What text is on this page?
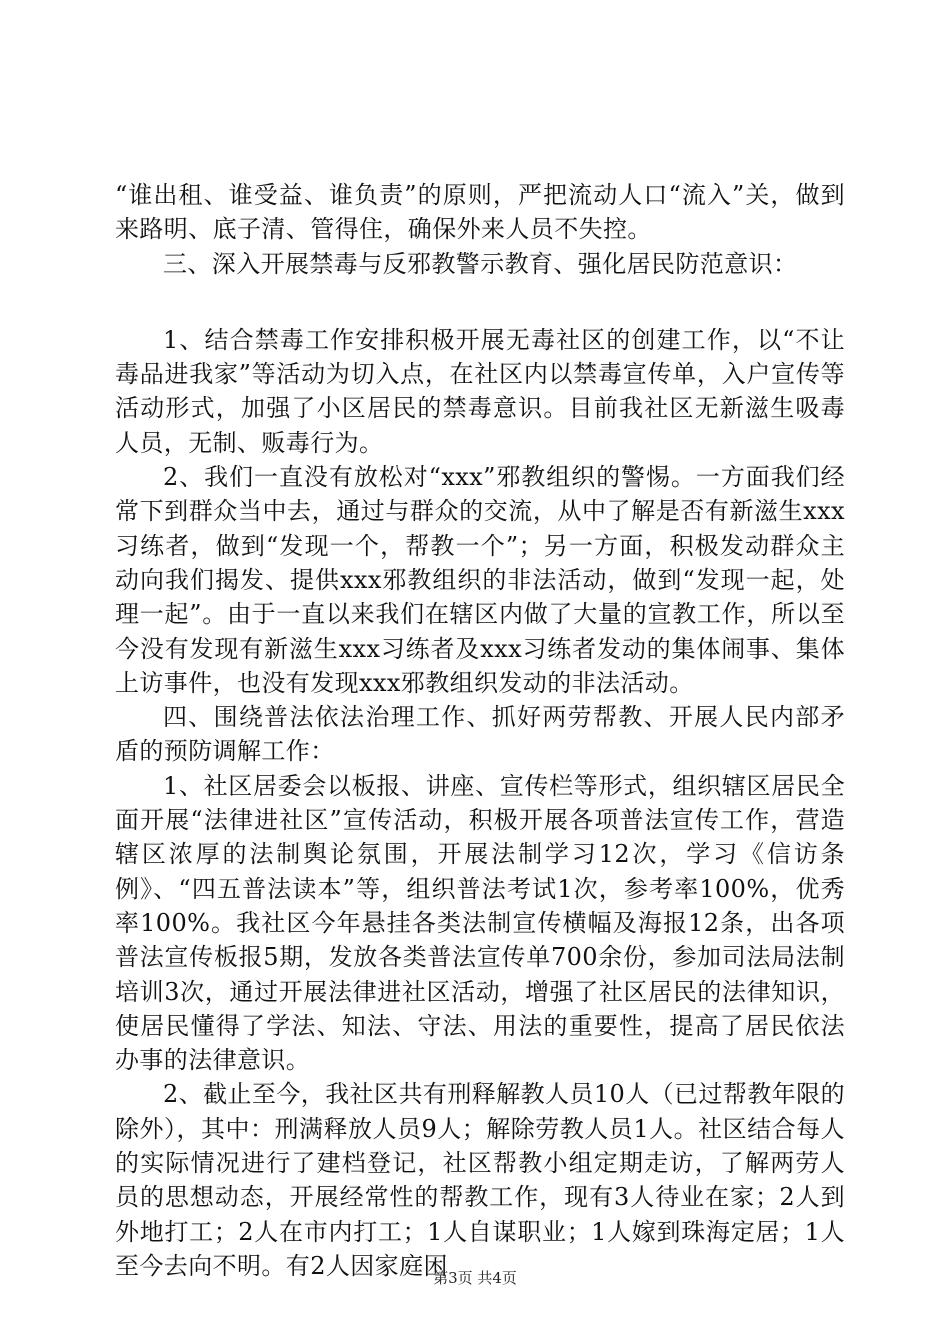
“谁出租、谁受益、谁负责”的原则，严把流动人口“流入”关，做到来路明、底子清、管得住，确保外来人员不失控。

三、深入开展禁毒与反邪教警示教育、强化居民防范意识：

1、结合禁毒工作安排积极开展无毒社区的创建工作，以“不让毒品进我家”等活动为切入点，在社区内以禁毒宣传单，入户宣传等活动形式，加强了小区居民的禁毒意识。目前我社区无新滋生吸毒人员，无制、贩毒行为。

2、我们一直没有放松对“xxx”邪教组织的警惕。一方面我们经常下到群众当中去，通过与群众的交流，从中了解是否有新滋生xxx习练者，做到“发现一个，帮教一个”；另一方面，积极发动群众主动向我们揭发、提供xxx邪教组织的非法活动，做到“发现一起，处理一起”。由于一直以来我们在辖区内做了大量的宣教工作，所以至今没有发现有新滋生xxx习练者及xxx习练者发动的集体闹事、集体上访事件，也没有发现xxx邪教组织发动的非法活动。

四、围绕普法依法治理工作、抓好两劳帮教、开展人民内部矛盾的预防调解工作：

1、社区居委会以板报、讲座、宣传栏等形式，组织辖区居民全面开展“法律进社区”宣传活动，积极开展各项普法宣传工作，营造辖区浓厚的法制舆论氛围，开展法制学习12次，学习《信访条例》、“四五普法读本”等，组织普法考试1次，参考率100%，优秀率100%。我社区今年悬挂各类法制宣传横幅及海报12条，出各项普法宣传板报5期，发放各类普法宣传单700余份，参加司法局法制培训3次，通过开展法律进社区活动，增强了社区居民的法律知识，使居民懂得了学法、知法、守法、用法的重要性，提高了居民依法办事的法律意识。

2、截止至今，我社区共有刑释解教人员10人（已过帮教年限的除外），其中：刑满释放人员9人；解除劳教人员1人。社区结合每人的实际情况进行了建档登记，社区帮教小组定期走访，了解两劳人员的思想动态，开展经常性的帮教工作，现有3人待业在家；2人到外地打工；2人在市内打工；1人自谋职业；1人嫁到珠海定居；1人至今去向不明。有2人因家庭困

第3页 共4页
